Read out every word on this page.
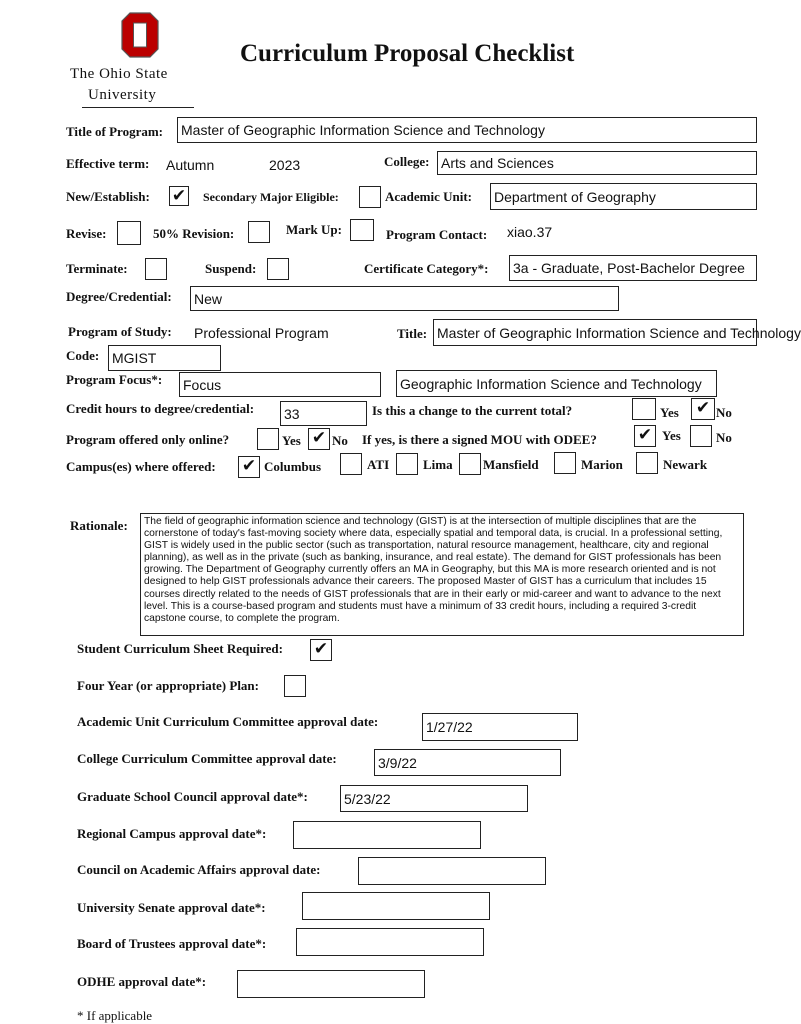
The Ohio State
University
Curriculum Proposal Checklist
Title of Program: Master of Geographic Information Science and Technology
Effective term: Autumn	2023	College: Arts and Sciences
New/Establish: ✔ Secondary Major Eligible:	Academic Unit: Department of Geography
Revise:	50% Revision:	Mark Up:	Program Contact: xiao.37
Terminate:	Suspend:	Certificate Category*: 3a - Graduate, Post-Bachelor Degree
Degree/Credential: New
Program of Study: Professional Program	Title: Master of Geographic Information Science and Technology
Code: MGIST
Program Focus*: Focus	Geographic Information Science and Technology
Credit hours to degree/credential: 33	Is this a change to the current total?	Yes ✔ No
Program offered only online?	Yes ✔ No If yes, is there a signed MOU with ODEE? ✔ Yes	No
Campus(es) where offered: ✔ Columbus	ATI	Lima Mansfield	Marion	Newark
Rationale:	The field of geographic information science and technology (GIST) is at the intersection of multiple disciplines that are the cornerstone of today's fast-moving society where data, especially spatial and temporal data, is crucial. In a professional setting, GIST is widely used in the public sector (such as transportation, natural resource management, healthcare, city and regional planning), as well as in the private (such as banking, insurance, and real estate). The demand for GIST professionals has been growing. The Department of Geography currently offers an MA in Geography, but this MA is more research oriented and is not designed to help GIST professionals advance their careers. The proposed Master of GIST has a curriculum that includes 15 courses directly related to the needs of GIST professionals that are in their early or mid-career and want to advance to the next level. This is a course-based program and students must have a minimum of 33 credit hours, including a required 3-credit capstone course, to complete the program.
Student Curriculum Sheet Required: ✔
Four Year (or appropriate) Plan:
Academic Unit Curriculum Committee approval date:	1/27/22
College Curriculum Committee approval date:	3/9/22
Graduate School Council approval date*:	5/23/22
Regional Campus approval date*:
Council on Academic Affairs approval date:
University Senate approval date*:
Board of Trustees approval date*:
ODHE approval date*:
* If applicable
